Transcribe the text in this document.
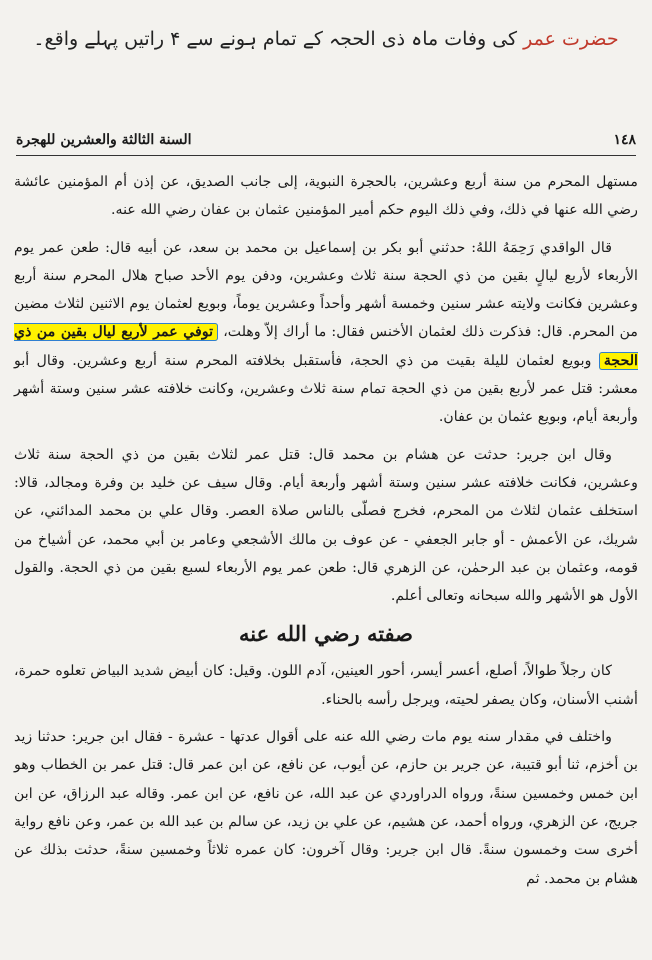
حضرت عمر کی وفات ماہ ذی الحجہ کے تمام ہونے سے ۴ راتیں پہلے واقع۔
١٤٨
السنة الثالثة والعشرين للهجرة

مستهل المحرم من سنة أربع وعشرين، بالحجرة النبوية، إلى جانب الصديق، عن إذن أم المؤمنين عائشة رضي الله عنها في ذلك، وفي ذلك اليوم حكم أمير المؤمنين عثمان بن عفان رضي الله عنه.

قال الواقدي رَحِمَهُ اللهُ: حدثني أبو بكر بن إسماعيل بن محمد بن سعد، عن أبيه قال: طعن عمر يوم الأربعاء لأربع ليالٍ بقين من ذي الحجة سنة ثلاث وعشرين، ودفن يوم الأحد صباح هلال المحرم سنة أربع وعشرين فكانت ولايته عشر سنين وخمسة أشهر وأحداً وعشرين يوماً، وبويع لعثمان يوم الاثنين لثلاث مضين من المحرم. قال: فذكرت ذلك لعثمان الأخنس فقال: ما أراك إلاّ وهلت، توفي عمر لأربع ليال بقين من ذي الحجة وبويع لعثمان لليلة بقيت من ذي الحجة، فأستقبل بخلافته المحرم سنة أربع وعشرين. وقال أبو معشر: قتل عمر لأربع بقين من ذي الحجة تمام سنة ثلاث وعشرين، وكانت خلافته عشر سنين وستة أشهر وأربعة أيام، وبويع عثمان بن عفان.

وقال ابن جرير: حدثت عن هشام بن محمد قال: قتل عمر لثلاث بقين من ذي الحجة سنة ثلاث وعشرين، فكانت خلافته عشر سنين وستة أشهر وأربعة أيام. وقال سيف عن خليد بن وفرة ومجالد، قالا: استخلف عثمان لثلاث من المحرم، فخرج فصلّى بالناس صلاة العصر. وقال علي بن محمد المدائني، عن شريك، عن الأعمش - أو جابر الجعفي - عن عوف بن مالك الأشجعي وعامر بن أبي محمد، عن أشياخ من قومه، وعثمان بن عبد الرحمٰن، عن الزهري قال: طعن عمر يوم الأربعاء لسبع بقين من ذي الحجة. والقول الأول هو الأشهر والله سبحانه وتعالى أعلم.

صفته رضي الله عنه

كان رجلاً طوالاً، أصلع، أعسر أيسر، أحور العينين، آدم اللون. وقيل: كان أبيض شديد البياض تعلوه حمرة، أشنب الأسنان، وكان يصفر لحيته، ويرجل رأسه بالحناء.

واختلف في مقدار سنه يوم مات رضي الله عنه على أقوال عدتها - عشرة - فقال ابن جرير: حدثنا زيد بن أخزم، ثنا أبو قتيبة، عن جرير بن حازم، عن أيوب، عن نافع، عن ابن عمر قال: قتل عمر بن الخطاب وهو ابن خمس وخمسين سنةً، ورواه الدراوردي عن عبد الله، عن نافع، عن ابن عمر. وقاله عبد الرزاق، عن ابن جريج، عن الزهري، ورواه أحمد، عن هشيم، عن علي بن زيد، عن سالم بن عبد الله بن عمر، وعن نافع رواية أخرى ست وخمسون سنةً. قال ابن جرير: وقال آخرون: كان عمره ثلاثاً وخمسين سنةً، حدثت بذلك عن هشام بن محمد. ثم
